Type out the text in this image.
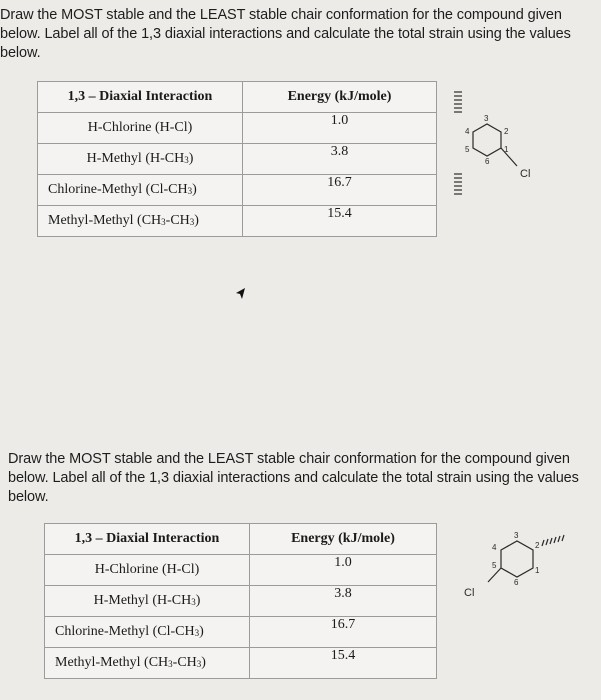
Draw the MOST stable and the LEAST stable chair conformation for the compound given below. Label all of the 1,3 diaxial interactions and calculate the total strain using the values below.
1,3 – Diaxial Interaction	Energy (kJ/mole)
H-Chlorine (H-Cl)	1.0
H-Methyl $(H-CH_3)$	3.8
Chlorine-Methyl $(Cl-CH_3)$	16.7
Methyl-Methyl $(CH_3-CH_3)$	15.4
3
2
1
4
5
6
Cl
Draw the MOST stable and the LEAST stable chair conformation for the compound given below. Label all of the 1,3 diaxial interactions and calculate the total strain using the values below.
1,3 – Diaxial Interaction	Energy (kJ/mole)
H-Chlorine (H-Cl)	1.0
H-Methyl $(H-CH_3)$	3.8
Chlorine-Methyl $(Cl-CH_3)$	16.7
Methyl-Methyl $(CH_3-CH_3)$	15.4
3
2
1
4
5
6
Cl
